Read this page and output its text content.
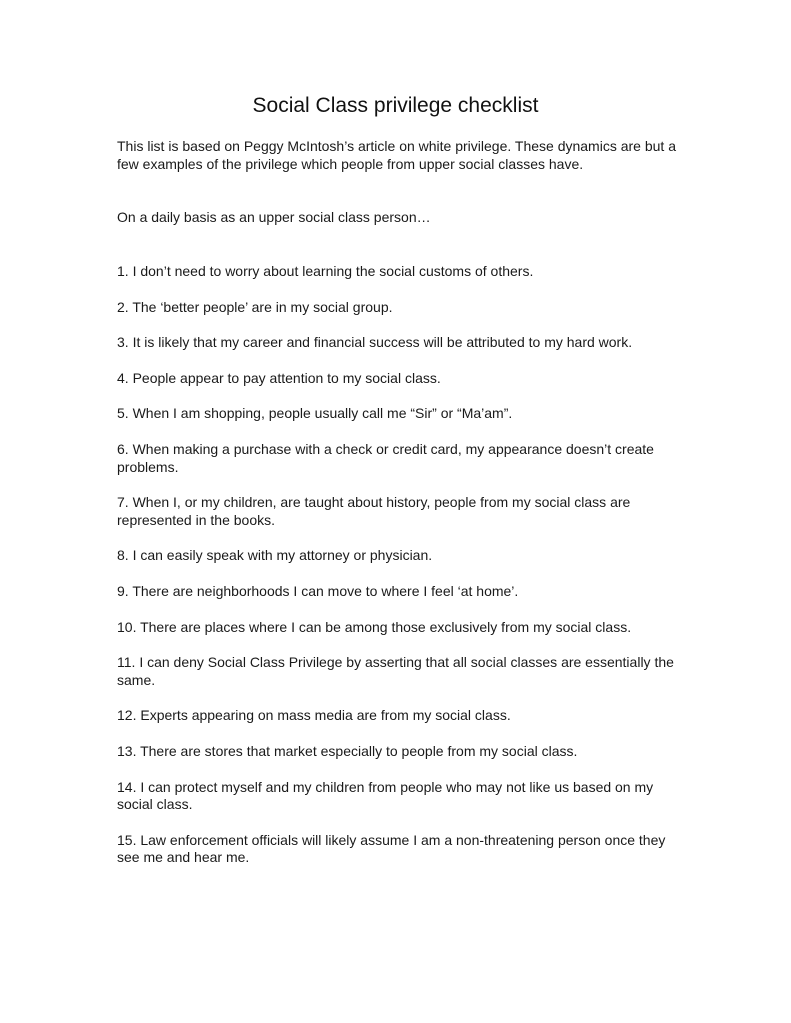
Social Class privilege checklist

This list is based on Peggy McIntosh’s article on white privilege. These dynamics are but a few examples of the privilege which people from upper social classes have.

On a daily basis as an upper social class person…

1. I don’t need to worry about learning the social customs of others.
2. The ‘better people’ are in my social group.
3. It is likely that my career and financial success will be attributed to my hard work.
4. People appear to pay attention to my social class.
5. When I am shopping, people usually call me “Sir” or “Ma’am”.
6. When making a purchase with a check or credit card, my appearance doesn’t create problems.
7. When I, or my children, are taught about history, people from my social class are represented in the books.
8. I can easily speak with my attorney or physician.
9. There are neighborhoods I can move to where I feel ‘at home’.
10. There are places where I can be among those exclusively from my social class.
11. I can deny Social Class Privilege by asserting that all social classes are essentially the same.
12. Experts appearing on mass media are from my social class.
13. There are stores that market especially to people from my social class.
14. I can protect myself and my children from people who may not like us based on my social class.
15. Law enforcement officials will likely assume I am a non-threatening person once they see me and hear me.
